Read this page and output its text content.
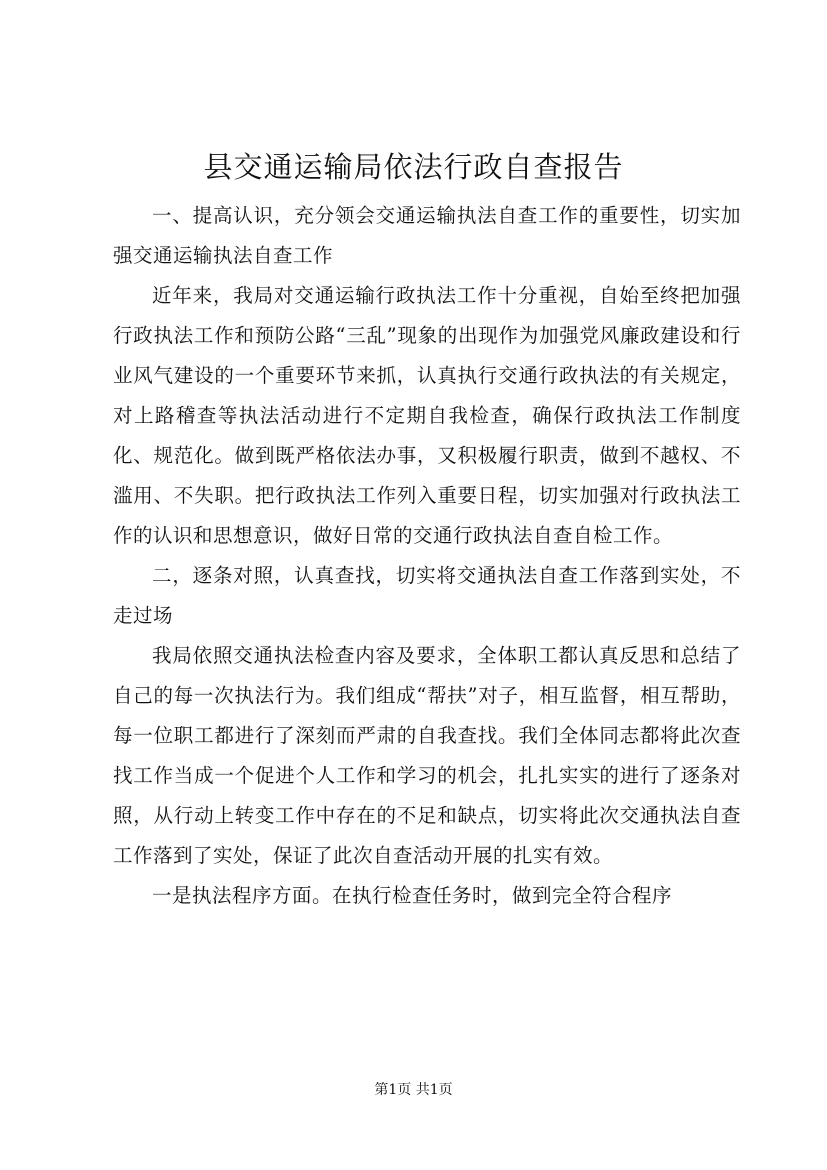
县交通运输局依法行政自查报告

一、提高认识，充分领会交通运输执法自查工作的重要性，切实加强交通运输执法自查工作

近年来，我局对交通运输行政执法工作十分重视，自始至终把加强行政执法工作和预防公路“三乱”现象的出现作为加强党风廉政建设和行业风气建设的一个重要环节来抓，认真执行交通行政执法的有关规定，对上路稽查等执法活动进行不定期自我检查，确保行政执法工作制度化、规范化。做到既严格依法办事，又积极履行职责，做到不越权、不滥用、不失职。把行政执法工作列入重要日程，切实加强对行政执法工作的认识和思想意识，做好日常的交通行政执法自查自检工作。

二，逐条对照，认真查找，切实将交通执法自查工作落到实处，不走过场

我局依照交通执法检查内容及要求，全体职工都认真反思和总结了自己的每一次执法行为。我们组成“帮扶”对子，相互监督，相互帮助，每一位职工都进行了深刻而严肃的自我查找。我们全体同志都将此次查找工作当成一个促进个人工作和学习的机会，扎扎实实的进行了逐条对照，从行动上转变工作中存在的不足和缺点，切实将此次交通执法自查工作落到了实处，保证了此次自查活动开展的扎实有效。

一是执法程序方面。在执行检查任务时，做到完全符合程序

第1页 共1页
